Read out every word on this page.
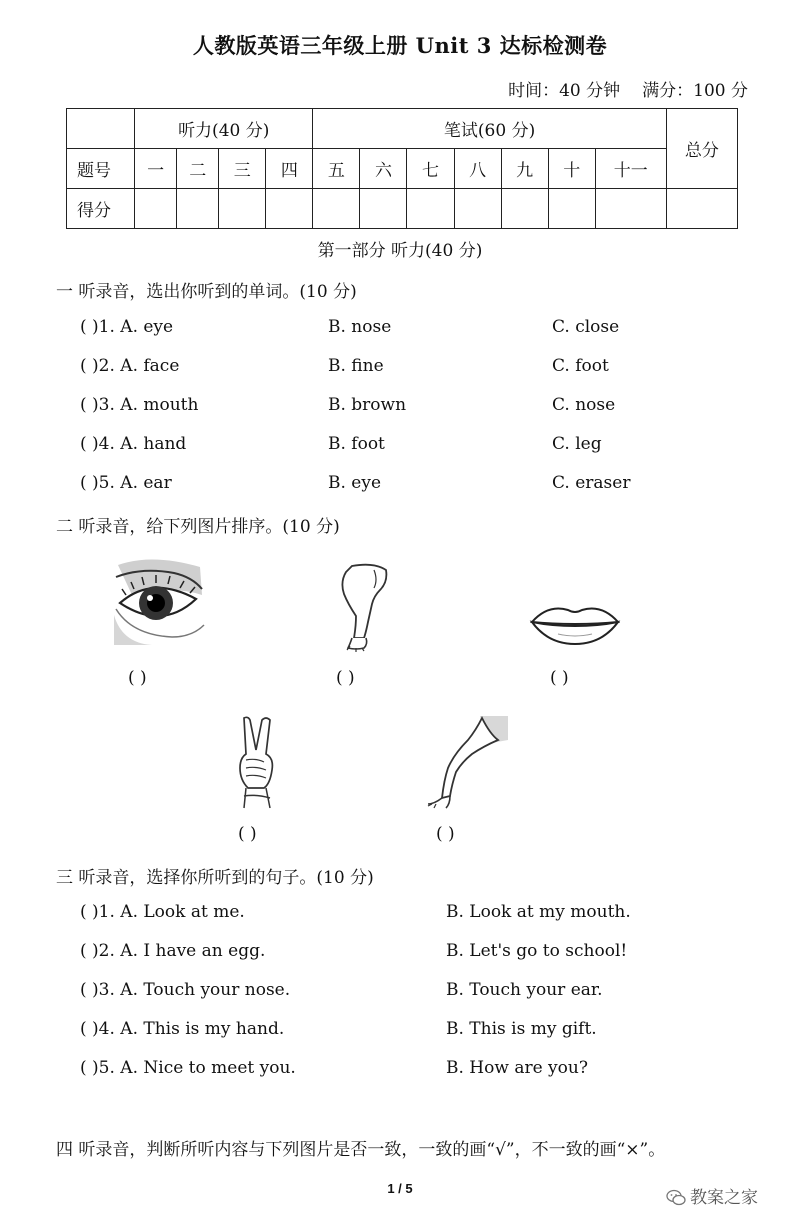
人教版英语三年级上册 Unit 3 达标检测卷
时间：40 分钟 满分：100 分
	听力(40 分)				笔试(60 分)							总分
题号	一	二	三	四	五	六	七	八	九	十	十一	
得分												
第一部分 听力(40 分)
一 听录音，选出你听到的单词。(10 分)
( )1. A. eye	B. nose	C. close
( )2. A. face	B. fine	C. foot
( )3. A. mouth	B. brown	C. nose
( )4. A. hand	B. foot	C. leg
( )5. A. ear	B. eye	C. eraser
二 听录音，给下列图片排序。(10 分)
( )	( )	( )
( )	( )
三 听录音，选择你所听到的句子。(10 分)
( )1. A. Look at me.	B. Look at my mouth.
( )2. A. I have an egg.	B. Let's go to school!
( )3. A. Touch your nose.	B. Touch your ear.
( )4. A. This is my hand.	B. This is my gift.
( )5. A. Nice to meet you.	B. How are you?
四 听录音，判断所听内容与下列图片是否一致，一致的画“√”，不一致的画“×”。
1 / 5	教案之家
